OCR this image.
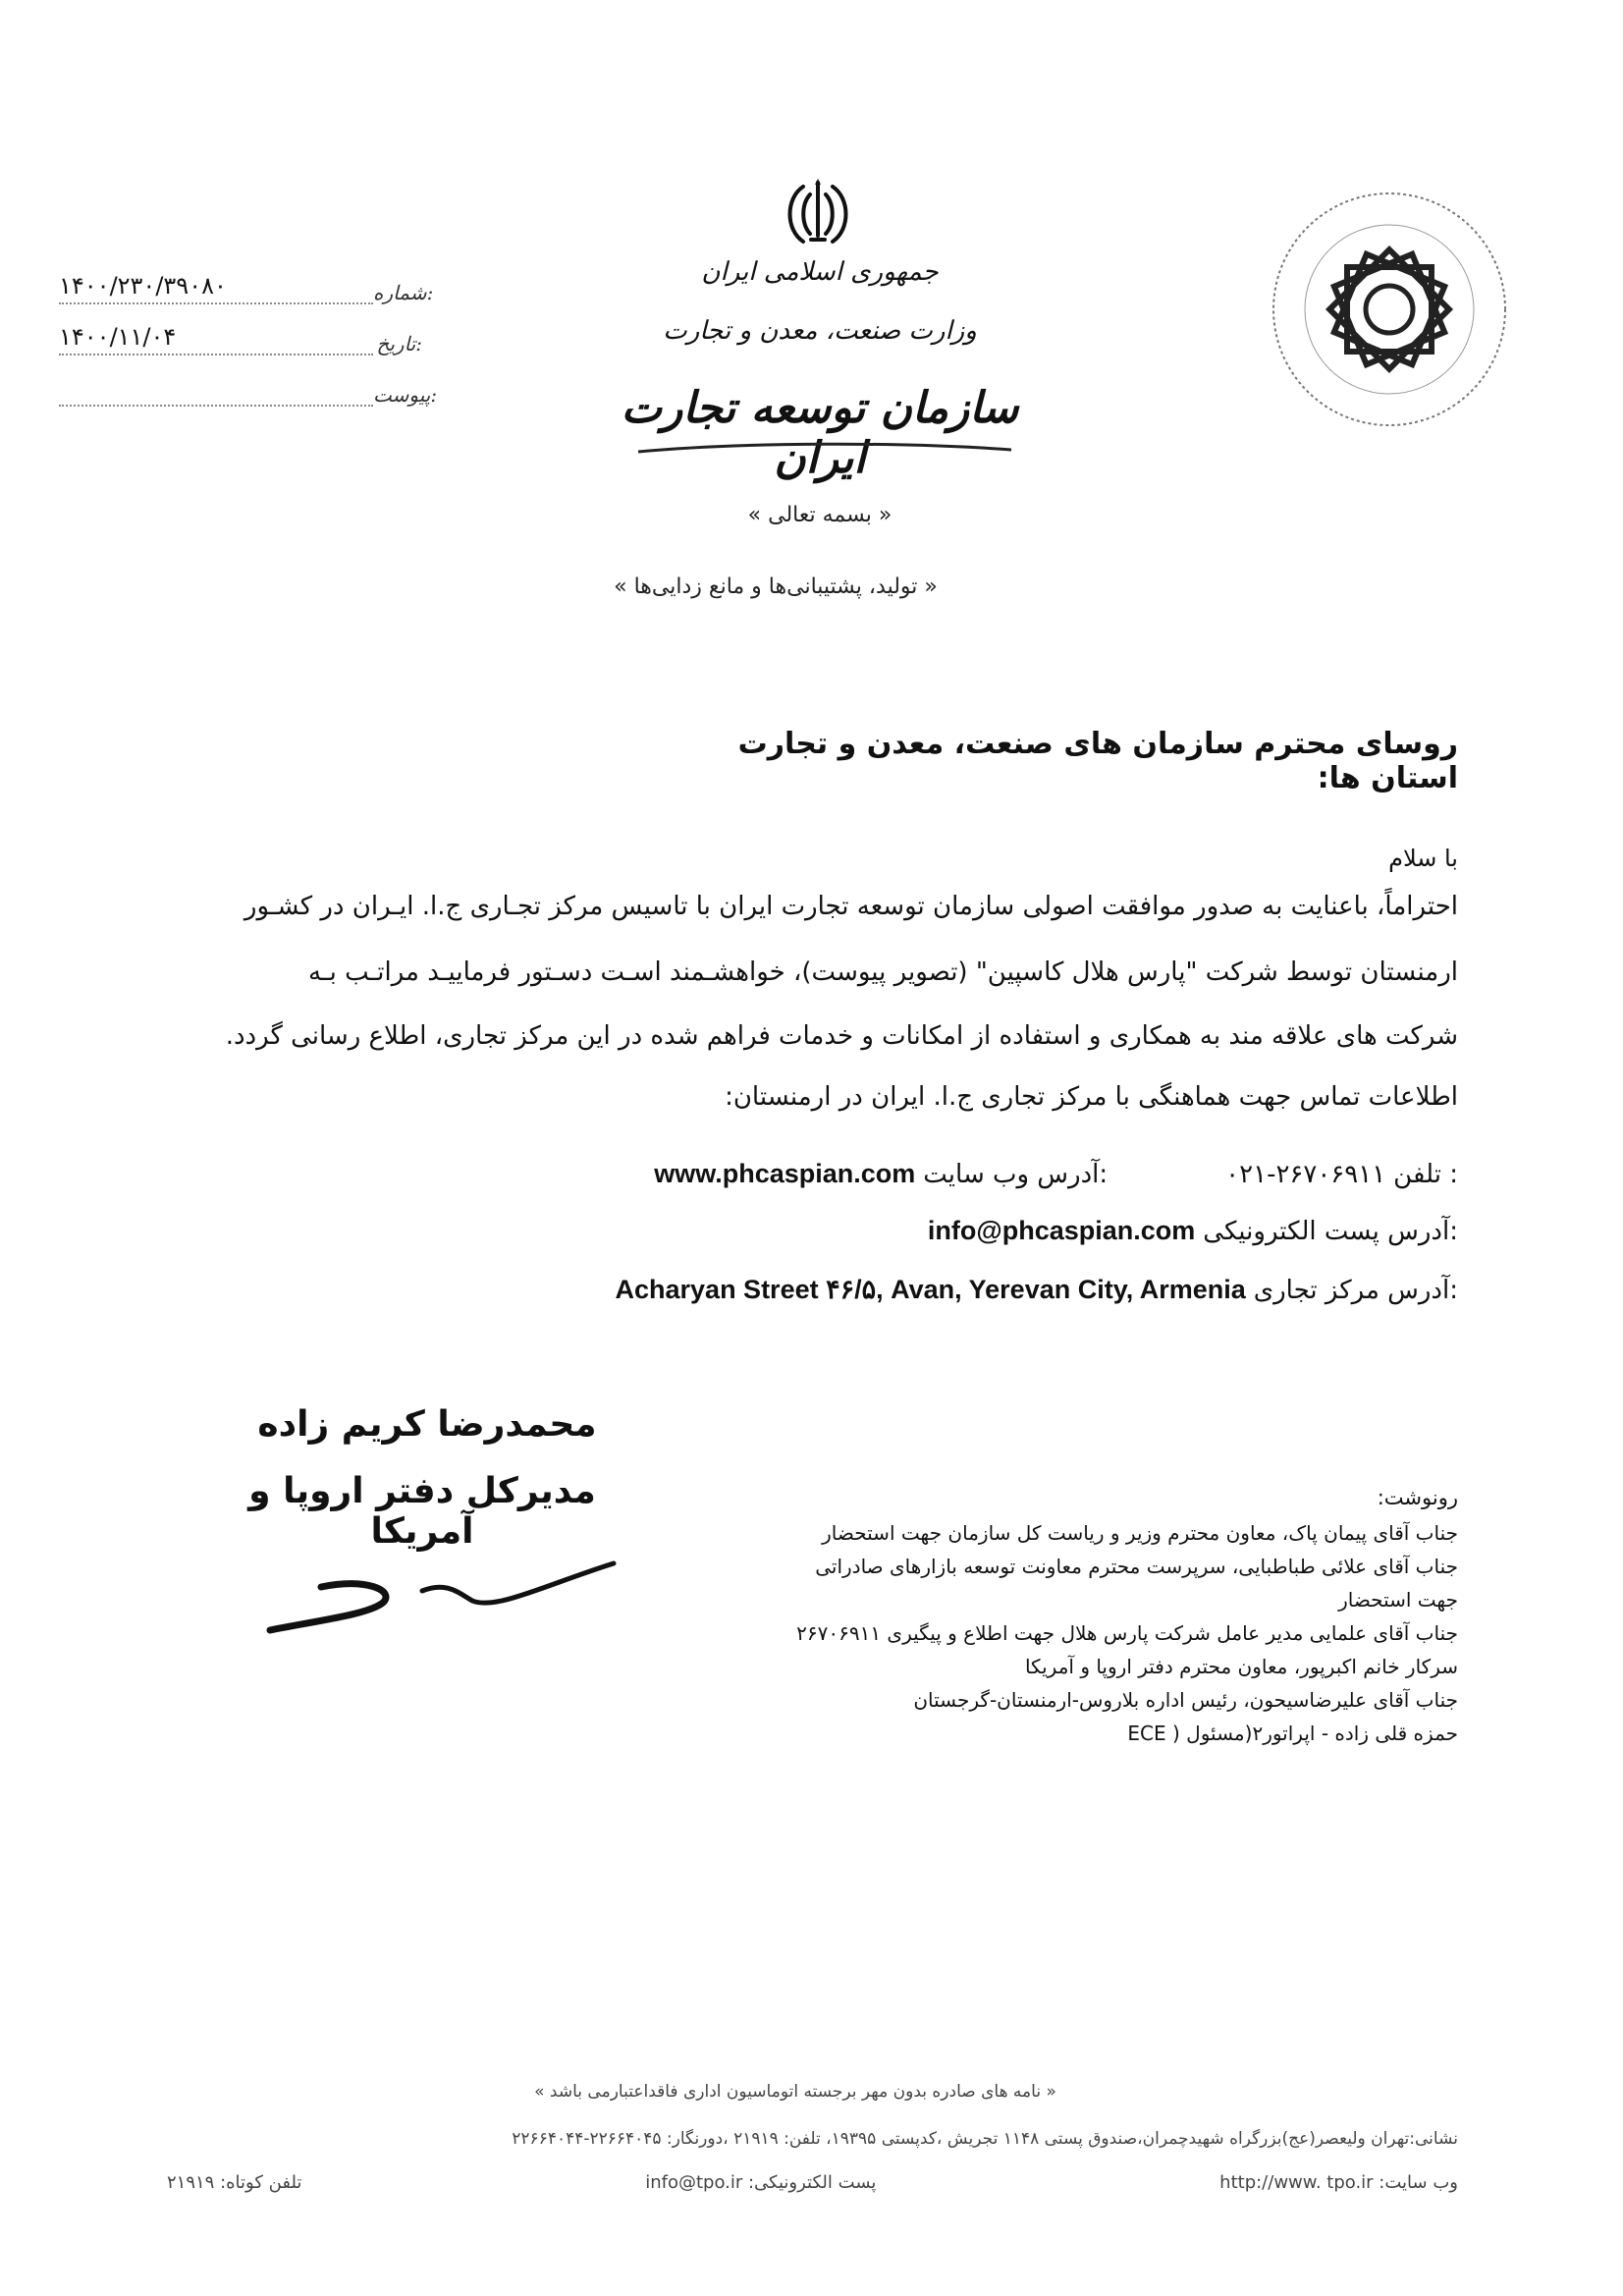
شماره:
۱۴۰۰/۲۳۰/۳۹۰۸۰
تاریخ:
۱۴۰۰/۱۱/۰۴
پیوست:
جمهوری اسلامی ایران
وزارت صنعت، معدن و تجارت
سازمان توسعه تجارت ایران
« بسمه تعالی »
« تولید، پشتیبانی‌ها و مانع زدایی‌ها »
روسای محترم سازمان های صنعت، معدن و تجارت استان ها:
با سلام
احتراماً، باعنایت به صدور موافقت اصولی سازمان توسعه تجارت ایران با تاسیس مرکز تجـاری ج.ا. ایـران در کشـور
ارمنستان توسط شرکت "پارس هلال کاسپین" (تصویر پیوست)، خواهشـمند اسـت دسـتور فرماییـد مراتـب بـه
شرکت های علاقه مند به همکاری و استفاده از امکانات و خدمات فراهم شده در این مرکز تجاری، اطلاع رسانی گردد.
اطلاعات تماس جهت هماهنگی با مرکز تجاری ج.ا. ایران در ارمنستان:
تلفن :
۰۲۱-۲۶۷۰۶۹۱۱
آدرس وب سایت:
www.phcaspian.com
آدرس پست الکترونیکی:
info@phcaspian.com
آدرس مرکز تجاری:
Acharyan Street ۴۶/۵, Avan, Yerevan City, Armenia
محمدرضا کریم زاده
مدیرکل دفتر اروپا و آمریکا
رونوشت:
جناب آقای پیمان پاک، معاون محترم وزیر و ریاست کل سازمان جهت استحضار
جناب آقای علائی طباطبایی، سرپرست محترم معاونت توسعه بازارهای صادراتی جهت استحضار
جناب آقای علمایی مدیر عامل شرکت پارس هلال جهت اطلاع و پیگیری ۲۶۷۰۶۹۱۱
سرکار خانم اکبرپور، معاون محترم دفتر اروپا و آمریکا
جناب آقای علیرضاسیحون، رئیس اداره بلاروس-ارمنستان-گرجستان
حمزه قلی زاده - اپراتور۲(مسئول ( ECE
« نامه های صادره بدون مهر برجسته اتوماسیون اداری فاقداعتبارمی باشد »
نشانی:تهران ولیعصر(عج)بزرگراه شهیدچمران،صندوق پستی ۱۱۴۸ تجریش ،کدپستی ۱۹۳۹۵، تلفن: ۲۱۹۱۹ ،دورنگار: ۲۲۶۶۴۰۴۵-۲۲۶۶۴۰۴۴
وب سایت: http://www. tpo.ir
پست الکترونیکی: info@tpo.ir
تلفن کوتاه: ۲۱۹۱۹
